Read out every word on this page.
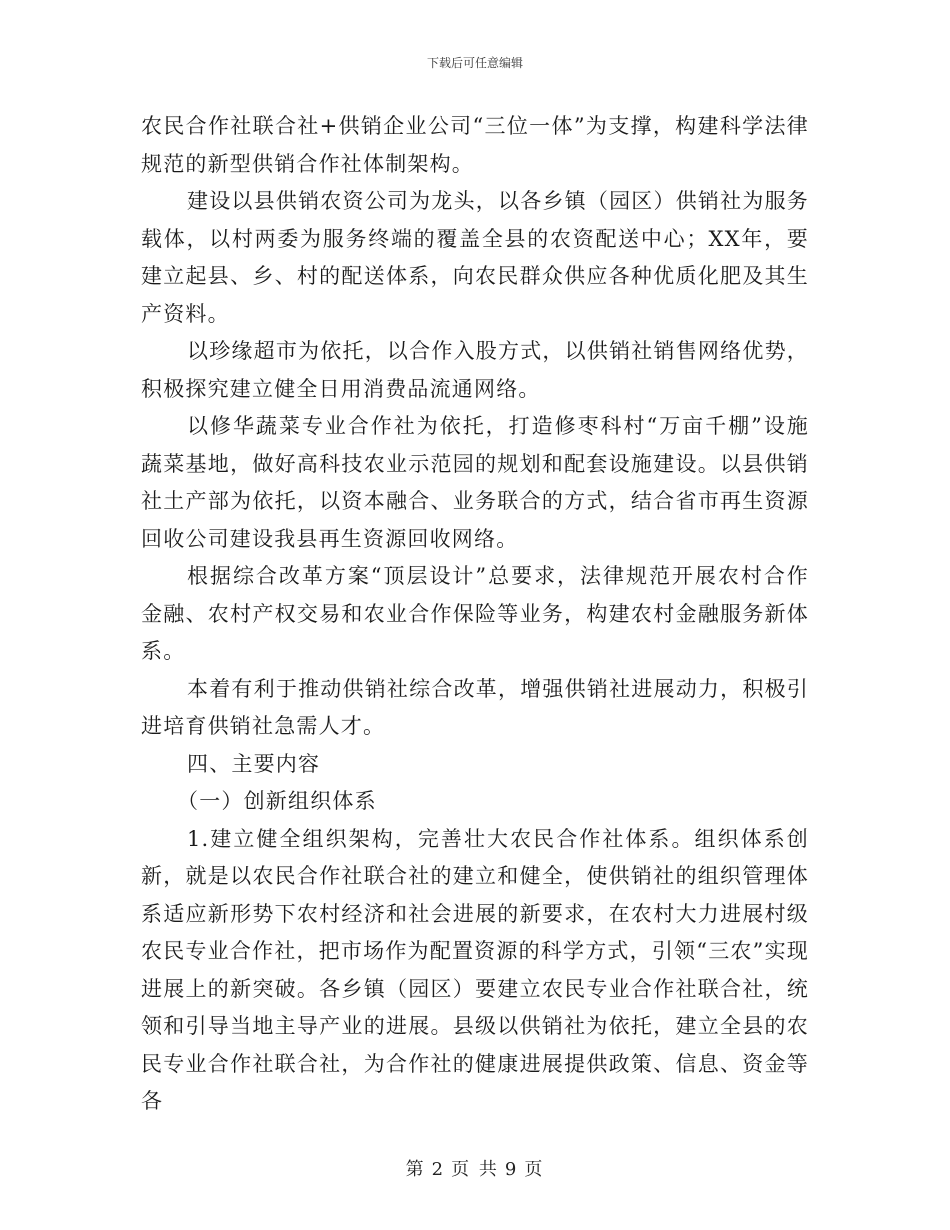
下载后可任意编辑

农民合作社联合社+供销企业公司“三位一体”为支撑，构建科学法律规范的新型供销合作社体制架构。

建设以县供销农资公司为龙头，以各乡镇（园区）供销社为服务载体，以村两委为服务终端的覆盖全县的农资配送中心；XX年，要建立起县、乡、村的配送体系，向农民群众供应各种优质化肥及其生产资料。

以珍缘超市为依托，以合作入股方式，以供销社销售网络优势，积极探究建立健全日用消费品流通网络。

以修华蔬菜专业合作社为依托，打造修枣科村“万亩千棚”设施蔬菜基地，做好高科技农业示范园的规划和配套设施建设。以县供销社土产部为依托，以资本融合、业务联合的方式，结合省市再生资源回收公司建设我县再生资源回收网络。

根据综合改革方案“顶层设计”总要求，法律规范开展农村合作金融、农村产权交易和农业合作保险等业务，构建农村金融服务新体系。

本着有利于推动供销社综合改革，增强供销社进展动力，积极引进培育供销社急需人才。

四、主要内容

（一）创新组织体系

1.建立健全组织架构，完善壮大农民合作社体系。组织体系创新，就是以农民合作社联合社的建立和健全，使供销社的组织管理体系适应新形势下农村经济和社会进展的新要求，在农村大力进展村级农民专业合作社，把市场作为配置资源的科学方式，引领“三农”实现进展上的新突破。各乡镇（园区）要建立农民专业合作社联合社，统领和引导当地主导产业的进展。县级以供销社为依托，建立全县的农民专业合作社联合社，为合作社的健康进展提供政策、信息、资金等各

第 2 页 共 9 页
